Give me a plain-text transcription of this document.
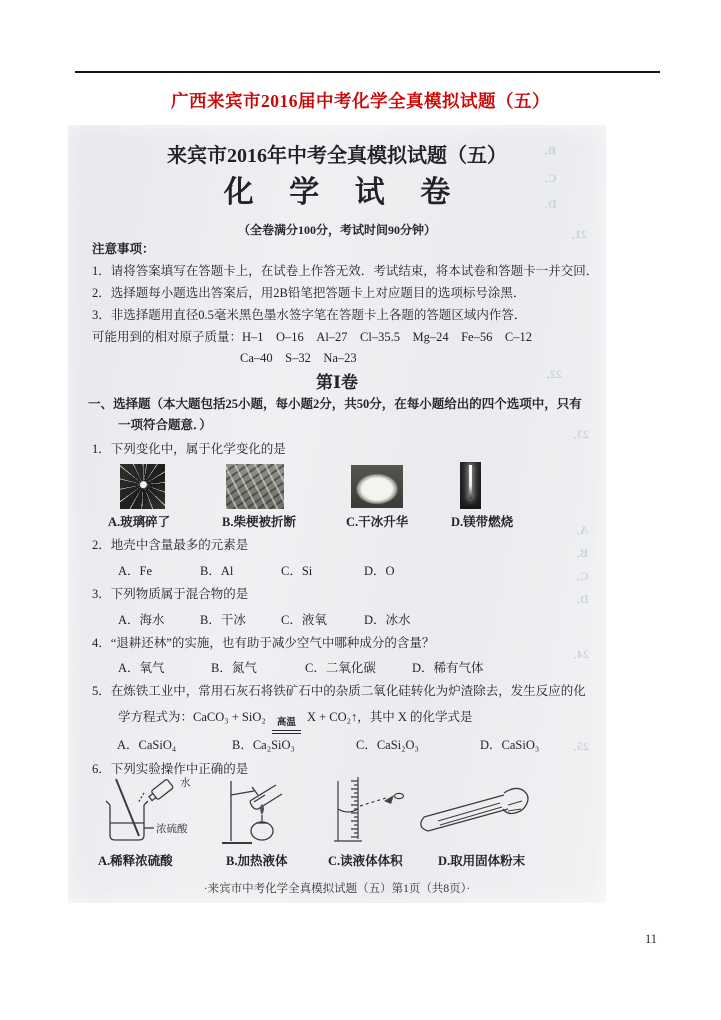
广西来宾市2016届中考化学全真模拟试题（五）
B．
C．
D．
21．
22．
23．
A．
B．
C．
D．
24．
25．
来宾市2016年中考全真模拟试题（五）
化 学 试 卷
（全卷满分100分，考试时间90分钟）
注意事项：
1．请将答案填写在答题卡上，在试卷上作答无效．考试结束，将本试卷和答题卡一并交回．
2．选择题每小题选出答案后，用2B铅笔把答题卡上对应题目的选项标号涂黑．
3．非选择题用直径0.5毫米黑色墨水签字笔在答题卡上各题的答题区域内作答．
可能用到的相对原子质量：H–1　O–16　Al–27　Cl–35.5　Mg–24　Fe–56　C–12
Ca–40　S–32　Na–23
第Ⅰ卷
一、选择题（本大题包括25小题，每小题2分，共50分，在每小题给出的四个选项中，只有
一项符合题意．）
1．下列变化中，属于化学变化的是
A.玻璃碎了	B.柴梗被折断	C.干冰升华	D.镁带燃烧
2．地壳中含量最多的元素是
A．Fe	B．Al	C．Si	D．O
3．下列物质属于混合物的是
A．海水	B．干冰	C．液氧	D．冰水
4．“退耕还林”的实施，也有助于减少空气中哪种成分的含量？
A．氧气	B．氮气	C．二氧化碳	D．稀有气体
5．在炼铁工业中，常用石灰石将铁矿石中的杂质二氧化硅转化为炉渣除去，发生反应的化
学方程式为：CaCO₃ + SiO₂ 高温 X + CO₂↑，其中 X 的化学式是
A．CaSiO₄	B．Ca₂SiO₃	C．CaSi₂O₃	D．CaSiO₃
6．下列实验操作中正确的是
水
浓硫酸
A.稀释浓硫酸	B.加热液体	C.读液体体积	D.取用固体粉末
·来宾市中考化学全真模拟试题（五）第1页（共8页）·
11
